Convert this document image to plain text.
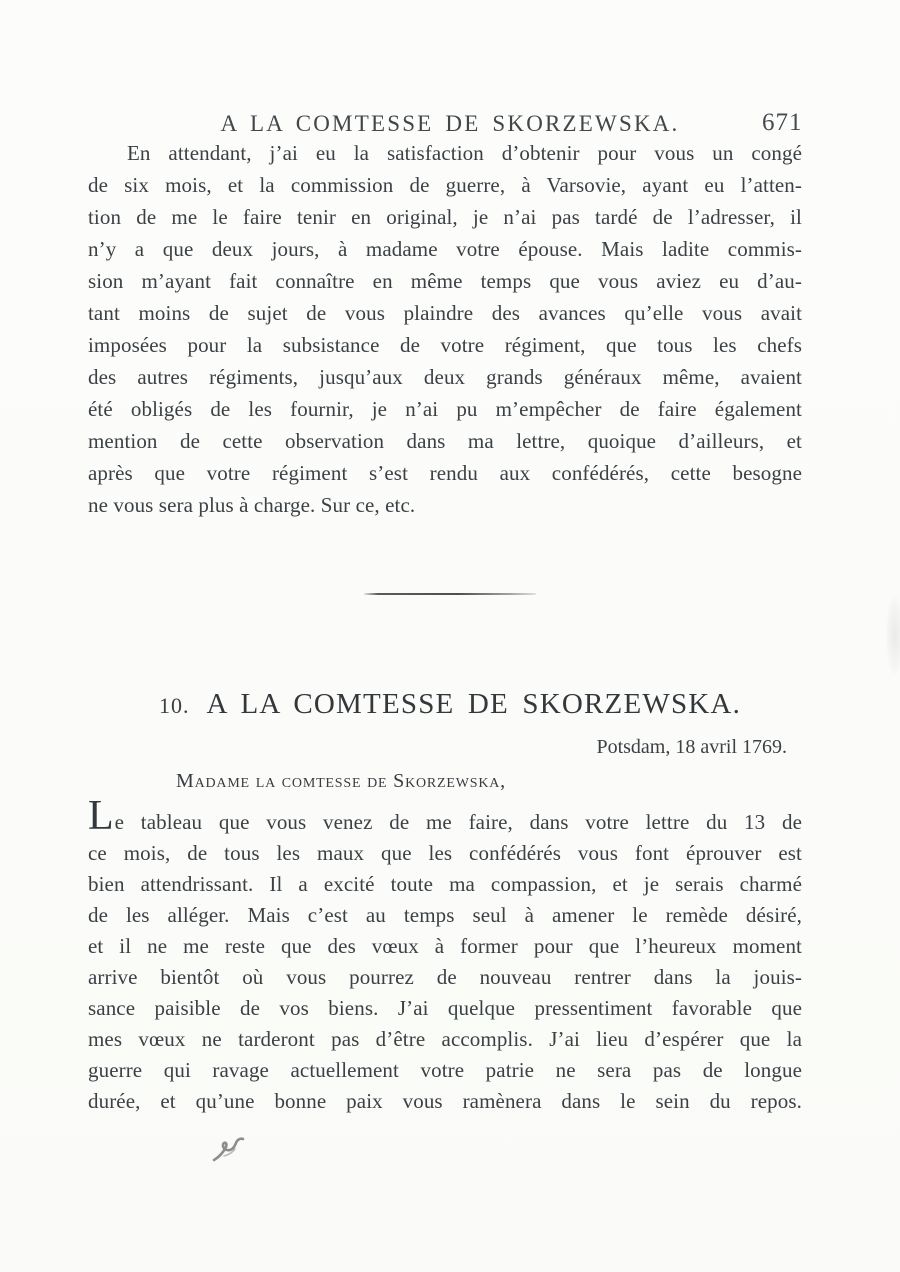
A LA COMTESSE DE SKORZEWSKA.	671
En attendant, j’ai eu la satisfaction d’obtenir pour vous un congé
de six mois, et la commission de guerre, à Varsovie, ayant eu l’atten-
tion de me le faire tenir en original, je n’ai pas tardé de l’adresser, il
n’y a que deux jours, à madame votre épouse. Mais ladite commis-
sion m’ayant fait connaître en même temps que vous aviez eu d’au-
tant moins de sujet de vous plaindre des avances qu’elle vous avait
imposées pour la subsistance de votre régiment, que tous les chefs
des autres régiments, jusqu’aux deux grands généraux même, avaient
été obligés de les fournir, je n’ai pu m’empêcher de faire également
mention de cette observation dans ma lettre, quoique d’ailleurs, et
après que votre régiment s’est rendu aux confédérés, cette besogne
ne vous sera plus à charge. Sur ce, etc.
10. A LA COMTESSE DE SKORZEWSKA.
Potsdam, 18 avril 1769.
Madame la comtesse de Skorzewska,
Le tableau que vous venez de me faire, dans votre lettre du 13 de
ce mois, de tous les maux que les confédérés vous font éprouver est
bien attendrissant. Il a excité toute ma compassion, et je serais charmé
de les alléger. Mais c’est au temps seul à amener le remède désiré,
et il ne me reste que des vœux à former pour que l’heureux moment
arrive bientôt où vous pourrez de nouveau rentrer dans la jouis-
sance paisible de vos biens. J’ai quelque pressentiment favorable que
mes vœux ne tarderont pas d’être accomplis. J’ai lieu d’espérer que la
guerre qui ravage actuellement votre patrie ne sera pas de longue
durée, et qu’une bonne paix vous ramènera dans le sein du repos.
